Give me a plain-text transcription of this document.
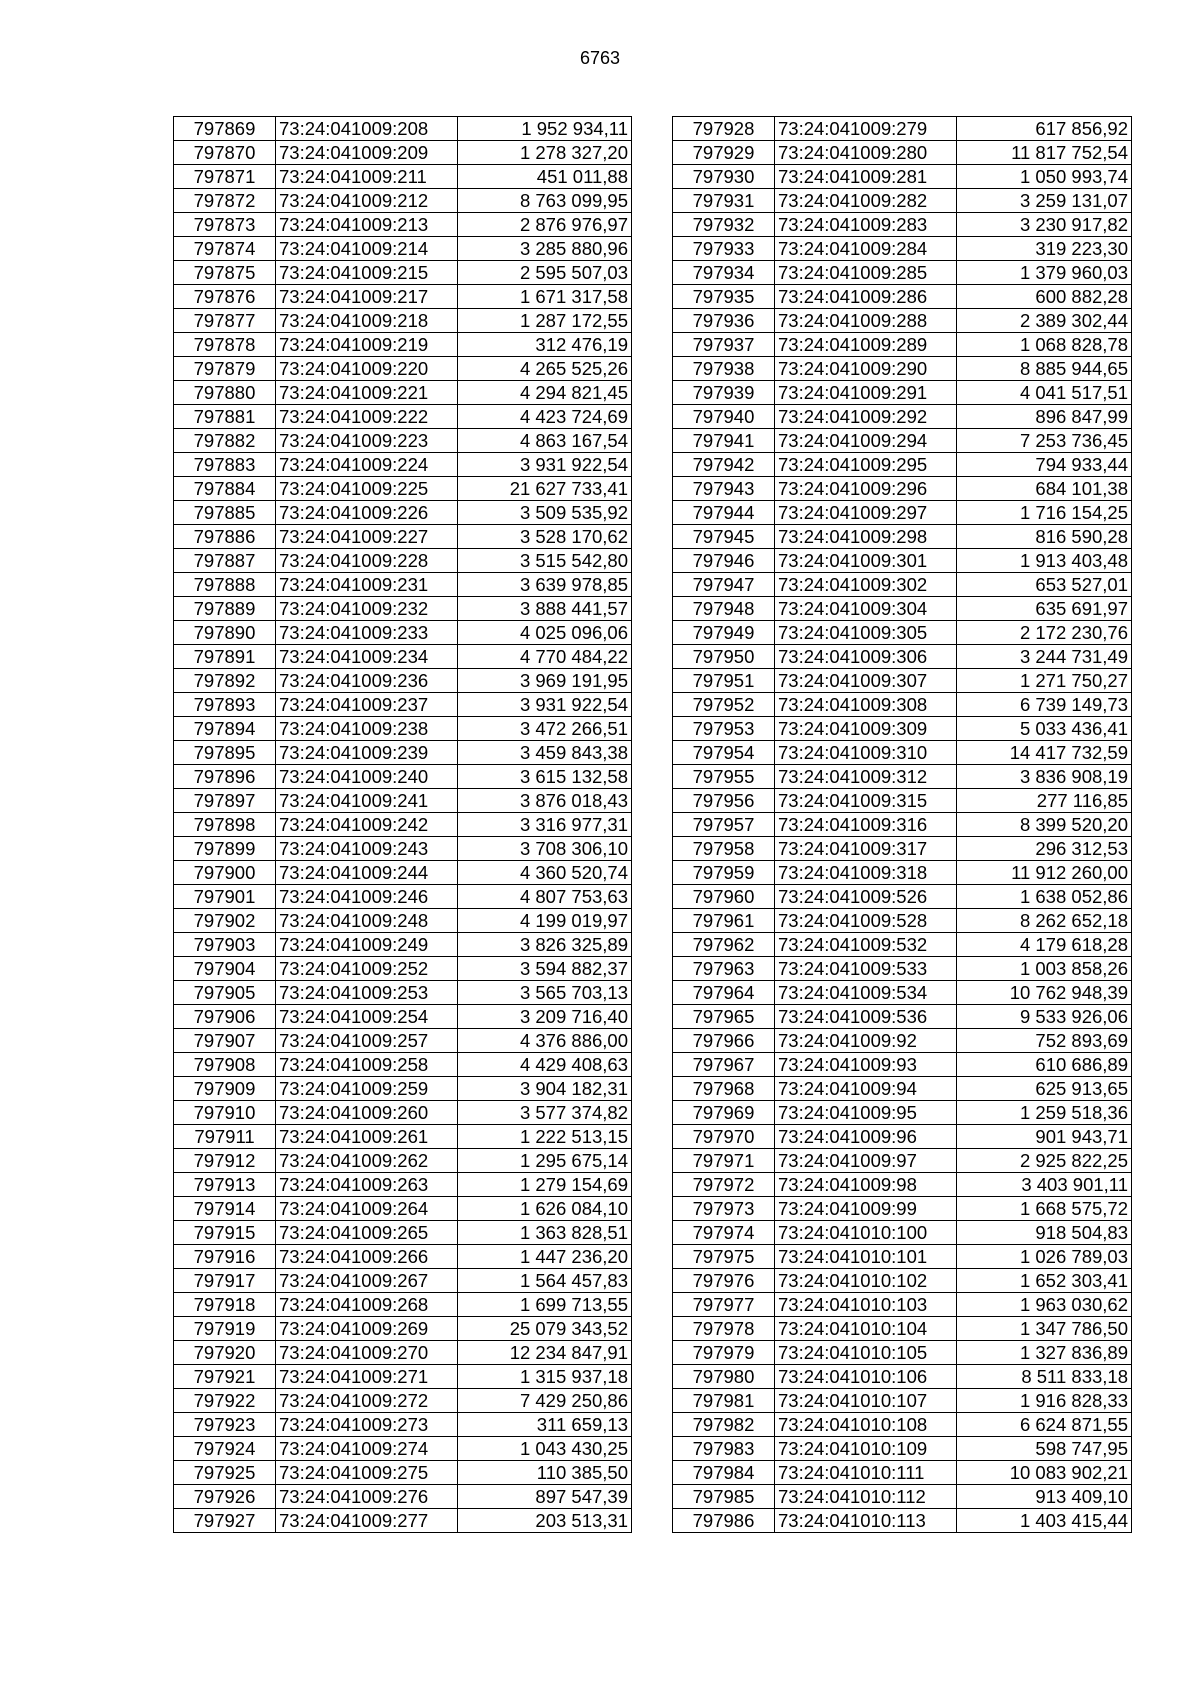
6763
797869	73:24:041009:208	1 952 934,11
797870	73:24:041009:209	1 278 327,20
797871	73:24:041009:211	451 011,88
797872	73:24:041009:212	8 763 099,95
797873	73:24:041009:213	2 876 976,97
797874	73:24:041009:214	3 285 880,96
797875	73:24:041009:215	2 595 507,03
797876	73:24:041009:217	1 671 317,58
797877	73:24:041009:218	1 287 172,55
797878	73:24:041009:219	312 476,19
797879	73:24:041009:220	4 265 525,26
797880	73:24:041009:221	4 294 821,45
797881	73:24:041009:222	4 423 724,69
797882	73:24:041009:223	4 863 167,54
797883	73:24:041009:224	3 931 922,54
797884	73:24:041009:225	21 627 733,41
797885	73:24:041009:226	3 509 535,92
797886	73:24:041009:227	3 528 170,62
797887	73:24:041009:228	3 515 542,80
797888	73:24:041009:231	3 639 978,85
797889	73:24:041009:232	3 888 441,57
797890	73:24:041009:233	4 025 096,06
797891	73:24:041009:234	4 770 484,22
797892	73:24:041009:236	3 969 191,95
797893	73:24:041009:237	3 931 922,54
797894	73:24:041009:238	3 472 266,51
797895	73:24:041009:239	3 459 843,38
797896	73:24:041009:240	3 615 132,58
797897	73:24:041009:241	3 876 018,43
797898	73:24:041009:242	3 316 977,31
797899	73:24:041009:243	3 708 306,10
797900	73:24:041009:244	4 360 520,74
797901	73:24:041009:246	4 807 753,63
797902	73:24:041009:248	4 199 019,97
797903	73:24:041009:249	3 826 325,89
797904	73:24:041009:252	3 594 882,37
797905	73:24:041009:253	3 565 703,13
797906	73:24:041009:254	3 209 716,40
797907	73:24:041009:257	4 376 886,00
797908	73:24:041009:258	4 429 408,63
797909	73:24:041009:259	3 904 182,31
797910	73:24:041009:260	3 577 374,82
797911	73:24:041009:261	1 222 513,15
797912	73:24:041009:262	1 295 675,14
797913	73:24:041009:263	1 279 154,69
797914	73:24:041009:264	1 626 084,10
797915	73:24:041009:265	1 363 828,51
797916	73:24:041009:266	1 447 236,20
797917	73:24:041009:267	1 564 457,83
797918	73:24:041009:268	1 699 713,55
797919	73:24:041009:269	25 079 343,52
797920	73:24:041009:270	12 234 847,91
797921	73:24:041009:271	1 315 937,18
797922	73:24:041009:272	7 429 250,86
797923	73:24:041009:273	311 659,13
797924	73:24:041009:274	1 043 430,25
797925	73:24:041009:275	110 385,50
797926	73:24:041009:276	897 547,39
797927	73:24:041009:277	203 513,31
797928	73:24:041009:279	617 856,92
797929	73:24:041009:280	11 817 752,54
797930	73:24:041009:281	1 050 993,74
797931	73:24:041009:282	3 259 131,07
797932	73:24:041009:283	3 230 917,82
797933	73:24:041009:284	319 223,30
797934	73:24:041009:285	1 379 960,03
797935	73:24:041009:286	600 882,28
797936	73:24:041009:288	2 389 302,44
797937	73:24:041009:289	1 068 828,78
797938	73:24:041009:290	8 885 944,65
797939	73:24:041009:291	4 041 517,51
797940	73:24:041009:292	896 847,99
797941	73:24:041009:294	7 253 736,45
797942	73:24:041009:295	794 933,44
797943	73:24:041009:296	684 101,38
797944	73:24:041009:297	1 716 154,25
797945	73:24:041009:298	816 590,28
797946	73:24:041009:301	1 913 403,48
797947	73:24:041009:302	653 527,01
797948	73:24:041009:304	635 691,97
797949	73:24:041009:305	2 172 230,76
797950	73:24:041009:306	3 244 731,49
797951	73:24:041009:307	1 271 750,27
797952	73:24:041009:308	6 739 149,73
797953	73:24:041009:309	5 033 436,41
797954	73:24:041009:310	14 417 732,59
797955	73:24:041009:312	3 836 908,19
797956	73:24:041009:315	277 116,85
797957	73:24:041009:316	8 399 520,20
797958	73:24:041009:317	296 312,53
797959	73:24:041009:318	11 912 260,00
797960	73:24:041009:526	1 638 052,86
797961	73:24:041009:528	8 262 652,18
797962	73:24:041009:532	4 179 618,28
797963	73:24:041009:533	1 003 858,26
797964	73:24:041009:534	10 762 948,39
797965	73:24:041009:536	9 533 926,06
797966	73:24:041009:92	752 893,69
797967	73:24:041009:93	610 686,89
797968	73:24:041009:94	625 913,65
797969	73:24:041009:95	1 259 518,36
797970	73:24:041009:96	901 943,71
797971	73:24:041009:97	2 925 822,25
797972	73:24:041009:98	3 403 901,11
797973	73:24:041009:99	1 668 575,72
797974	73:24:041010:100	918 504,83
797975	73:24:041010:101	1 026 789,03
797976	73:24:041010:102	1 652 303,41
797977	73:24:041010:103	1 963 030,62
797978	73:24:041010:104	1 347 786,50
797979	73:24:041010:105	1 327 836,89
797980	73:24:041010:106	8 511 833,18
797981	73:24:041010:107	1 916 828,33
797982	73:24:041010:108	6 624 871,55
797983	73:24:041010:109	598 747,95
797984	73:24:041010:111	10 083 902,21
797985	73:24:041010:112	913 409,10
797986	73:24:041010:113	1 403 415,44
